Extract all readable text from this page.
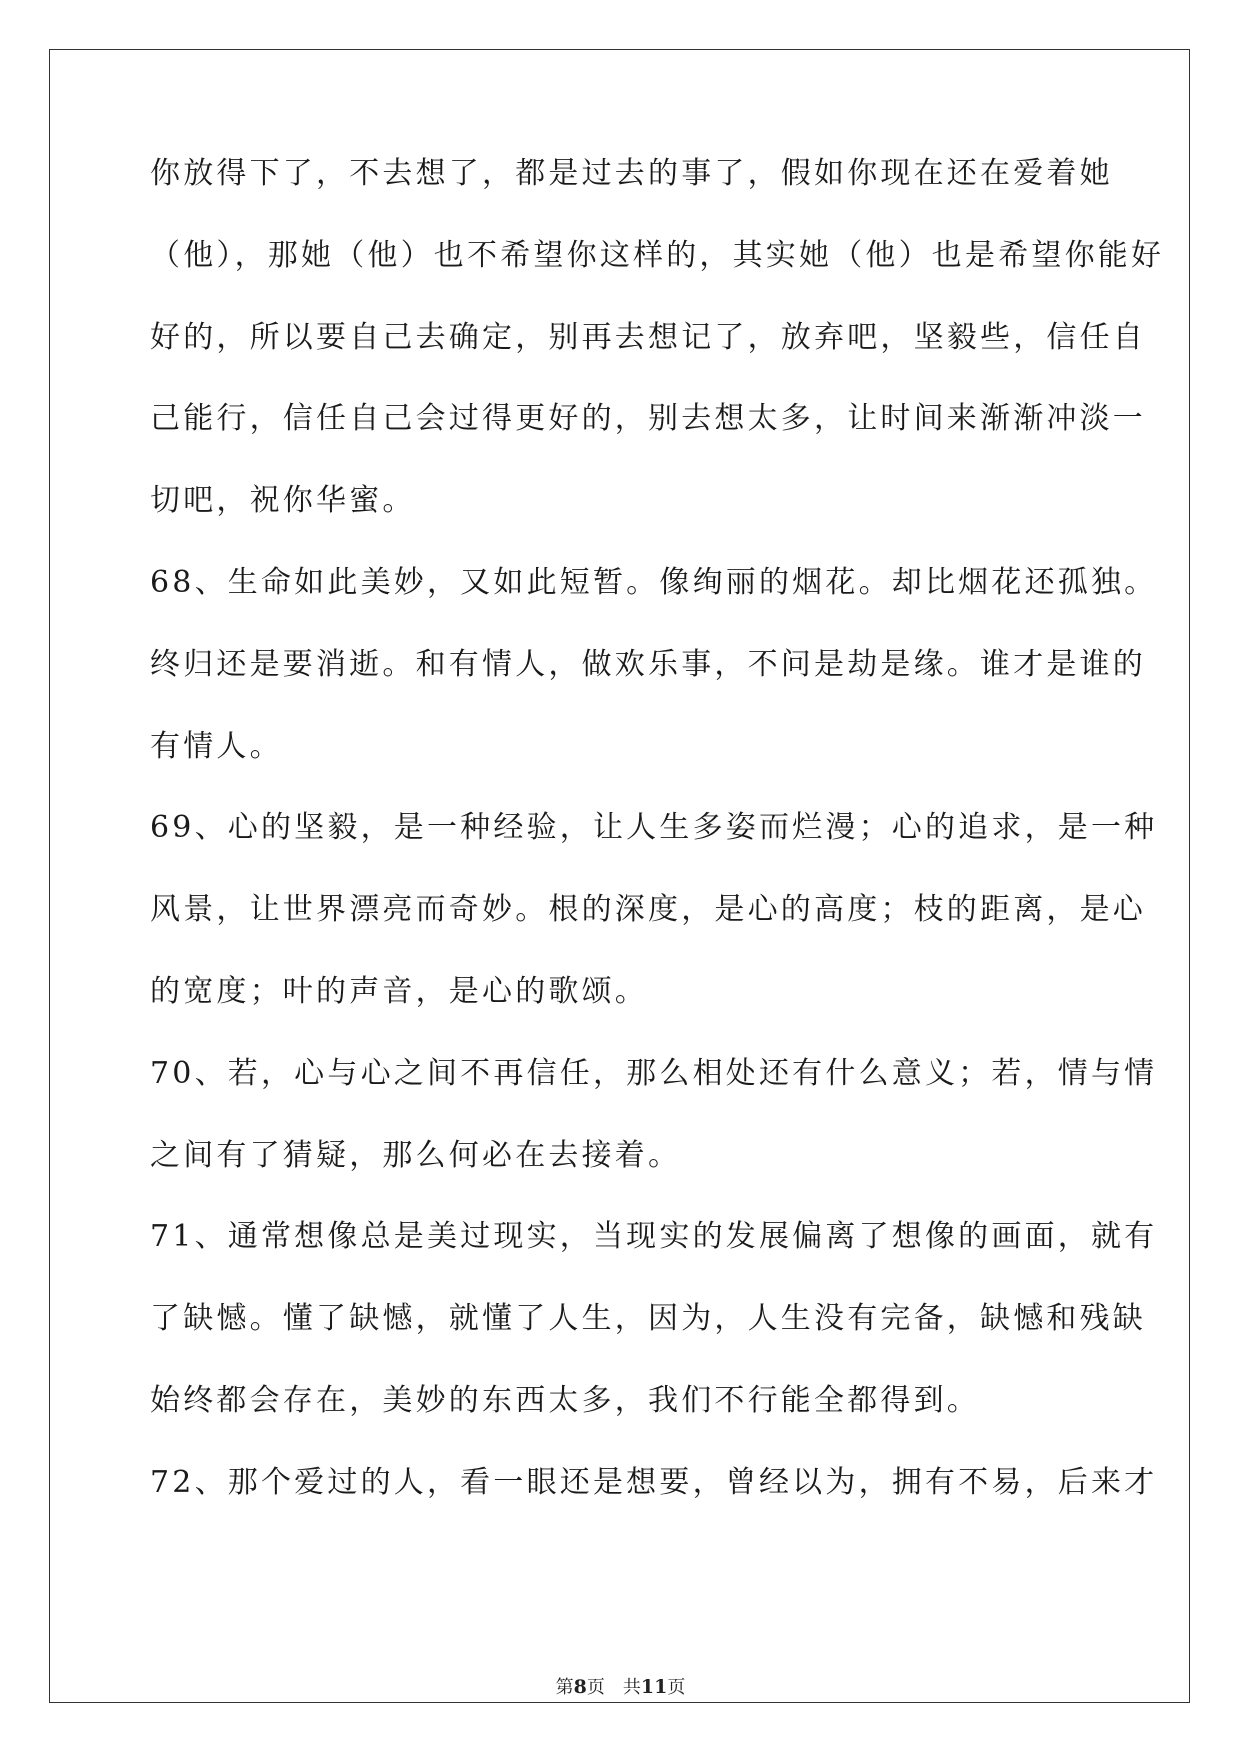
你放得下了，不去想了，都是过去的事了，假如你现在还在爱着她
（他），那她（他）也不希望你这样的，其实她（他）也是希望你能好
好的，所以要自己去确定，别再去想记了，放弃吧，坚毅些，信任自
己能行，信任自己会过得更好的，别去想太多，让时间来渐渐冲淡一
切吧，祝你华蜜。
68、生命如此美妙，又如此短暂。像绚丽的烟花。却比烟花还孤独。
终归还是要消逝。和有情人，做欢乐事，不问是劫是缘。谁才是谁的
有情人。
69、心的坚毅，是一种经验，让人生多姿而烂漫；心的追求，是一种
风景，让世界漂亮而奇妙。根的深度，是心的高度；枝的距离，是心
的宽度；叶的声音，是心的歌颂。
70、若，心与心之间不再信任，那么相处还有什么意义；若，情与情
之间有了猜疑，那么何必在去接着。
71、通常想像总是美过现实，当现实的发展偏离了想像的画面，就有
了缺憾。懂了缺憾，就懂了人生，因为，人生没有完备，缺憾和残缺
始终都会存在，美妙的东西太多，我们不行能全都得到。
72、那个爱过的人，看一眼还是想要，曾经以为，拥有不易，后来才
第8页 共11页
